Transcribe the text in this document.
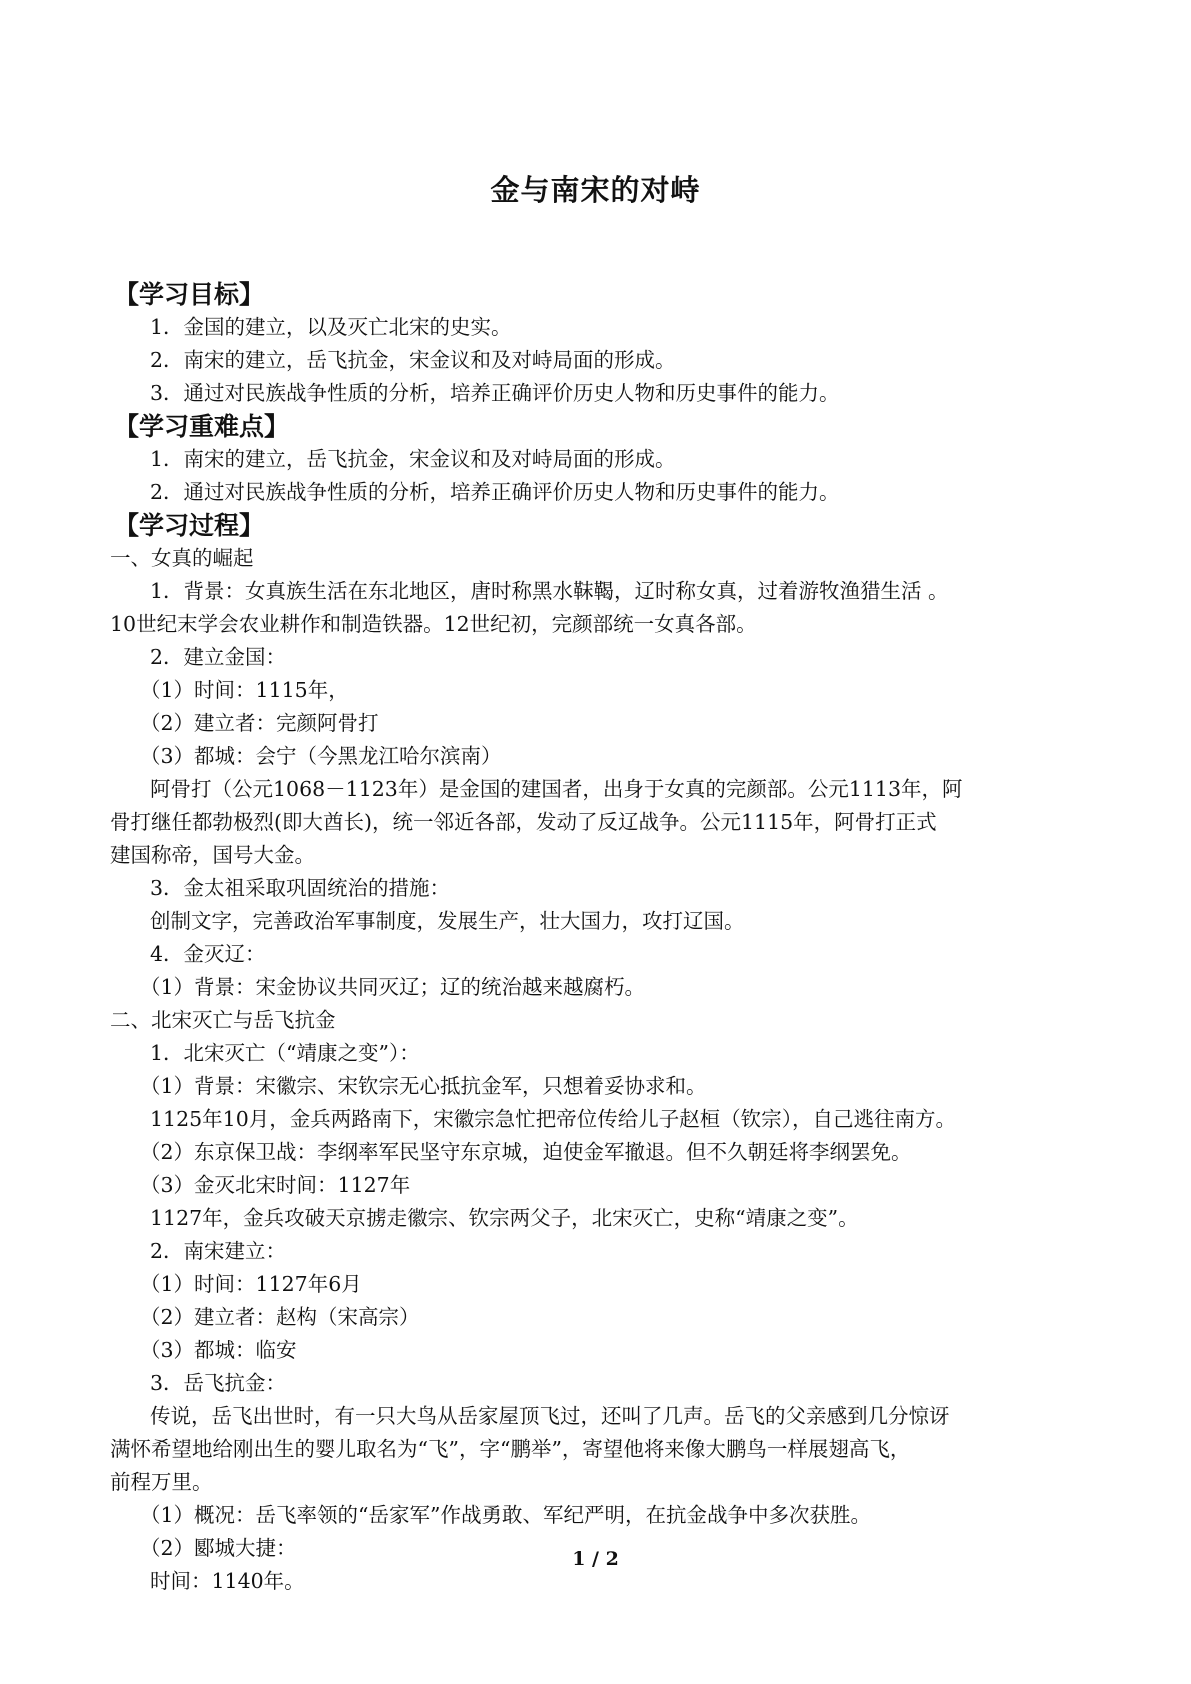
金与南宋的对峙
【学习目标】
1．金国的建立，以及灭亡北宋的史实。
2．南宋的建立，岳飞抗金，宋金议和及对峙局面的形成。
3．通过对民族战争性质的分析，培养正确评价历史人物和历史事件的能力。
【学习重难点】
1．南宋的建立，岳飞抗金，宋金议和及对峙局面的形成。
2．通过对民族战争性质的分析，培养正确评价历史人物和历史事件的能力。
【学习过程】
一、女真的崛起
1．背景：女真族生活在东北地区，唐时称黑水靺鞨，辽时称女真，过着游牧渔猎生活 。
10世纪末学会农业耕作和制造铁器。12世纪初，完颜部统一女真各部。
2．建立金国：
（1）时间：1115年，
（2）建立者：完颜阿骨打
（3）都城：会宁（今黑龙江哈尔滨南）
阿骨打（公元1068－1123年）是金国的建国者，出身于女真的完颜部。公元1113年，阿
骨打继任都勃极烈(即大酋长)，统一邻近各部，发动了反辽战争。公元1115年，阿骨打正式
建国称帝，国号大金。
3．金太祖采取巩固统治的措施：
创制文字，完善政治军事制度，发展生产，壮大国力，攻打辽国。
4．金灭辽：
（1）背景：宋金协议共同灭辽；辽的统治越来越腐朽。
二、北宋灭亡与岳飞抗金
1．北宋灭亡（“靖康之变”）：
（1）背景：宋徽宗、宋钦宗无心抵抗金军，只想着妥协求和。
1125年10月，金兵两路南下，宋徽宗急忙把帝位传给儿子赵桓（钦宗），自己逃往南方。
（2）东京保卫战：李纲率军民坚守东京城，迫使金军撤退。但不久朝廷将李纲罢免。
（3）金灭北宋时间：1127年
1127年，金兵攻破天京掳走徽宗、钦宗两父子，北宋灭亡，史称“靖康之变”。
2．南宋建立：
（1）时间：1127年6月
（2）建立者：赵构（宋高宗）
（3）都城：临安
3．岳飞抗金：
传说，岳飞出世时，有一只大鸟从岳家屋顶飞过，还叫了几声。岳飞的父亲感到几分惊讶
满怀希望地给刚出生的婴儿取名为“飞”，字“鹏举”，寄望他将来像大鹏鸟一样展翅高飞，
前程万里。
（1）概况：岳飞率领的“岳家军”作战勇敢、军纪严明，在抗金战争中多次获胜。
（2）郾城大捷：
时间：1140年。
1 / 2
